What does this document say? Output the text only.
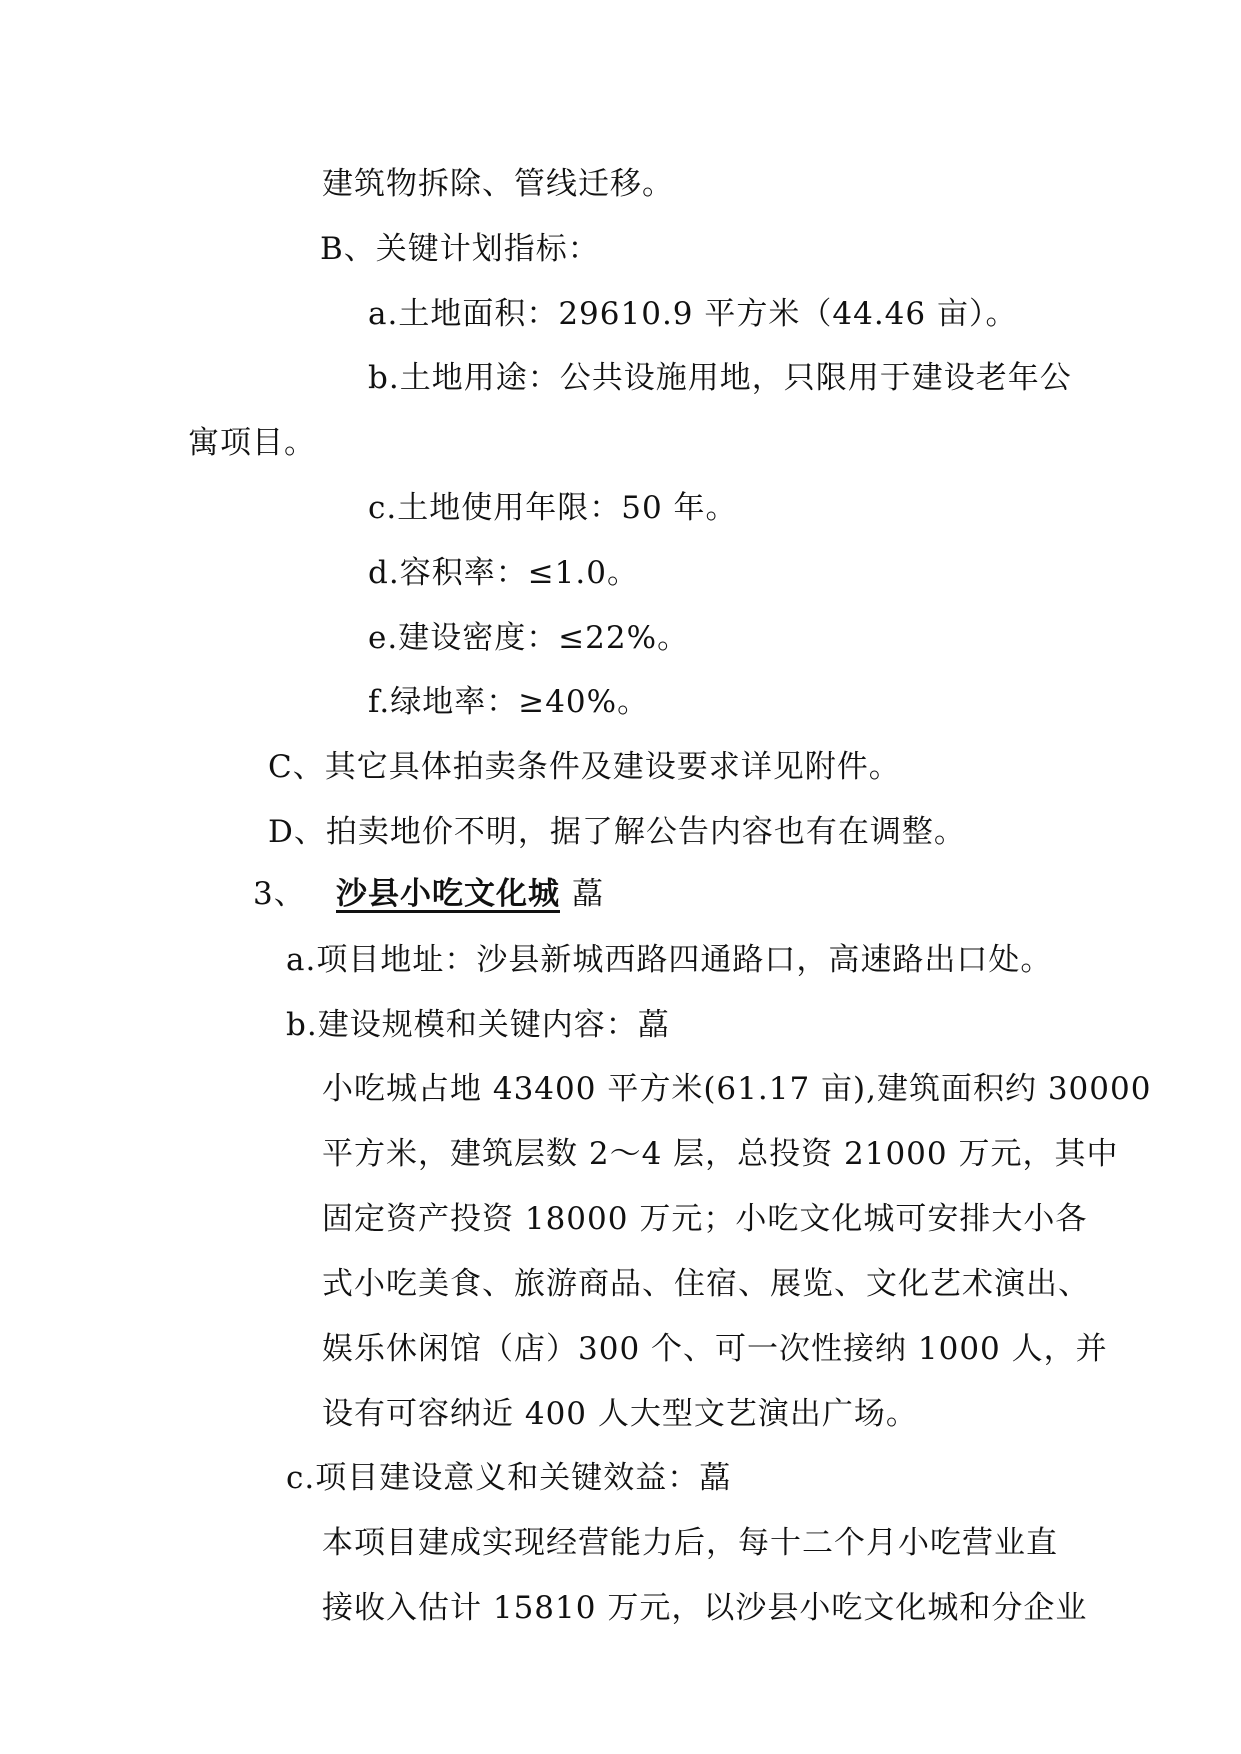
建筑物拆除、管线迁移。
B、关键计划指标：
a.土地面积：29610.9 平方米（44.46 亩）。
b.土地用途：公共设施用地，只限用于建设老年公
寓项目。
c.土地使用年限：50 年。
d.容积率：≤1.0。
e.建设密度：≤22%。
f.绿地率：≥40%。
C、其它具体拍卖条件及建设要求详见附件。
D、拍卖地价不明，据了解公告内容也有在调整。
3、 沙县小吃文化城 藠
a.项目地址：沙县新城西路四通路口，高速路出口处。
b.建设规模和关键内容：藠
小吃城占地 43400 平方米(61.17 亩),建筑面积约 30000
平方米，建筑层数 2～4 层，总投资 21000 万元，其中
固定资产投资 18000 万元；小吃文化城可安排大小各
式小吃美食、旅游商品、住宿、展览、文化艺术演出、
娱乐休闲馆（店）300 个、可一次性接纳 1000 人，并
设有可容纳近 400 人大型文艺演出广场。
c.项目建设意义和关键效益：藠
本项目建成实现经营能力后，每十二个月小吃营业直
接收入估计 15810 万元，以沙县小吃文化城和分企业
